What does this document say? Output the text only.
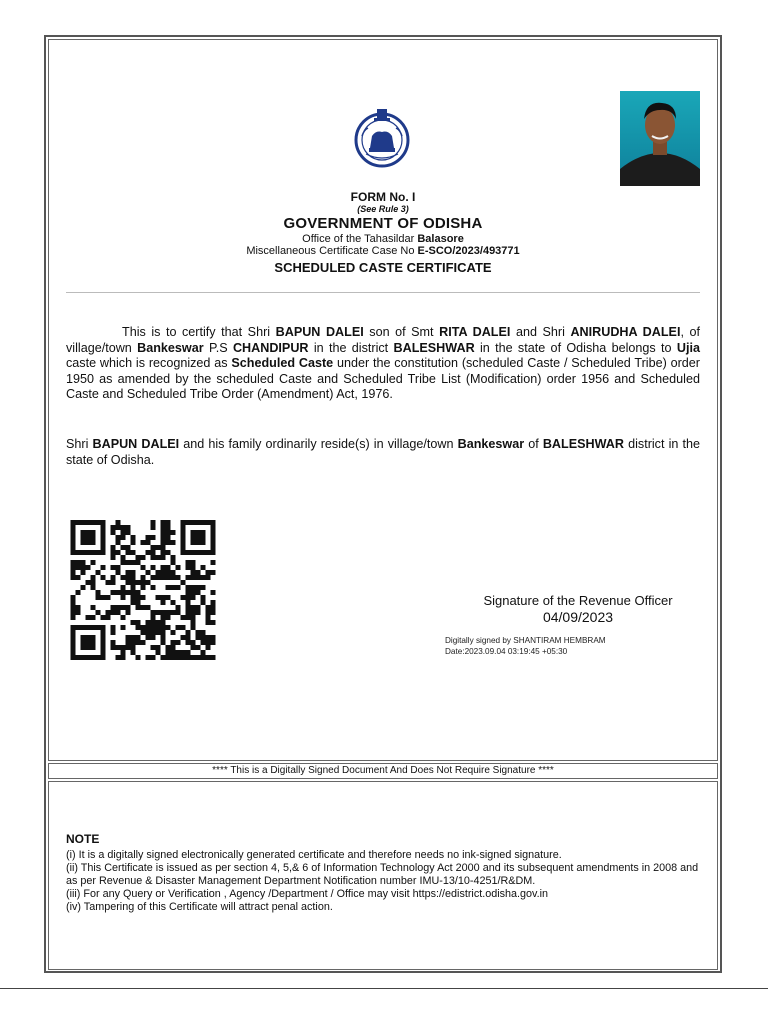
FORM No. I
(See Rule 3)
GOVERNMENT OF ODISHA
Office of the Tahasildar Balasore
Miscellaneous Certificate Case No E-SCO/2023/493771
SCHEDULED CASTE CERTIFICATE
This is to certify that Shri BAPUN DALEI son of Smt RITA DALEI and Shri ANIRUDHA DALEI, of village/town Bankeswar P.S CHANDIPUR in the district BALESHWAR in the state of Odisha belongs to Ujia caste which is recognized as Scheduled Caste under the constitution (scheduled Caste / Scheduled Tribe) order 1950 as amended by the scheduled Caste and Scheduled Tribe List (Modification) order 1956 and Scheduled Caste and Scheduled Tribe Order (Amendment) Act, 1976.
Shri BAPUN DALEI and his family ordinarily reside(s) in village/town Bankeswar of BALESHWAR district in the state of Odisha.
Signature of the Revenue Officer
04/09/2023
Digitally signed by SHANTIRAM HEMBRAM
Date:2023.09.04 03:19:45 +05:30
**** This is a Digitally Signed Document And Does Not Require Signature ****
NOTE
(i) It is a digitally signed electronically generated certificate and therefore needs no ink-signed signature.
(ii) This Certificate is issued as per section 4, 5,& 6 of Information Technology Act 2000 and its subsequent amendments in 2008 and as per Revenue & Disaster Management Department Notification number IMU-13/10-4251/R&DM.
(iii) For any Query or Verification , Agency /Department / Office may visit https://edistrict.odisha.gov.in
(iv) Tampering of this Certificate will attract penal action.
